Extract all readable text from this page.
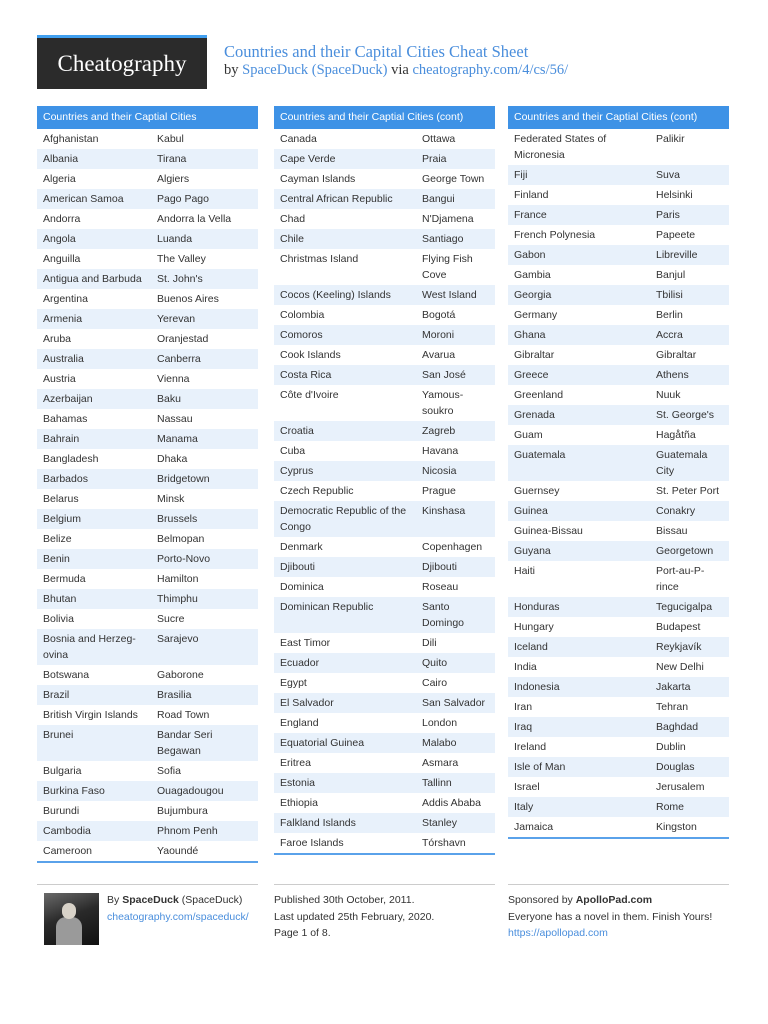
Cheatography	Countries and their Capital Cities Cheat Sheet
by SpaceDuck (SpaceDuck) via cheatography.com/4/cs/56/
Countries and their Captial Cities
Afghanistan	Kabul
Albania	Tirana
Algeria	Algiers
American Samoa	Pago Pago
Andorra	Andorra la Vella
Angola	Luanda
Anguilla	The Valley
Antigua and Barbuda	St. John's
Argentina	Buenos Aires
Armenia	Yerevan
Aruba	Oranjestad
Australia	Canberra
Austria	Vienna
Azerbaijan	Baku
Bahamas	Nassau
Bahrain	Manama
Bangladesh	Dhaka
Barbados	Bridgetown
Belarus	Minsk
Belgium	Brussels
Belize	Belmopan
Benin	Porto-Novo
Bermuda	Hamilton
Bhutan	Thimphu
Bolivia	Sucre
Bosnia and Herzeg-ovina	Sarajevo
Botswana	Gaborone
Brazil	Brasilia
British Virgin Islands	Road Town
Brunei	Bandar Seri Begawan
Bulgaria	Sofia
Burkina Faso	Ouagadougou
Burundi	Bujumbura
Cambodia	Phnom Penh
Cameroon	Yaoundé
Countries and their Captial Cities (cont)
Canada	Ottawa
Cape Verde	Praia
Cayman Islands	George Town
Central African Republic	Bangui
Chad	N'Djamena
Chile	Santiago
Christmas Island	Flying Fish Cove
Cocos (Keeling) Islands	West Island
Colombia	Bogotá
Comoros	Moroni
Cook Islands	Avarua
Costa Rica	San José
Côte d'Ivoire	Yamous-soukro
Croatia	Zagreb
Cuba	Havana
Cyprus	Nicosia
Czech Republic	Prague
Democratic Republic of the Congo	Kinshasa
Denmark	Copenhagen
Djibouti	Djibouti
Dominica	Roseau
Dominican Republic	Santo Domingo
East Timor	Dili
Ecuador	Quito
Egypt	Cairo
El Salvador	San Salvador
England	London
Equatorial Guinea	Malabo
Eritrea	Asmara
Estonia	Tallinn
Ethiopia	Addis Ababa
Falkland Islands	Stanley
Faroe Islands	Tórshavn
Countries and their Captial Cities (cont)
Federated States of Micronesia	Palikir
Fiji	Suva
Finland	Helsinki
France	Paris
French Polynesia	Papeete
Gabon	Libreville
Gambia	Banjul
Georgia	Tbilisi
Germany	Berlin
Ghana	Accra
Gibraltar	Gibraltar
Greece	Athens
Greenland	Nuuk
Grenada	St. George's
Guam	Hagåtña
Guatemala	Guatemala City
Guernsey	St. Peter Port
Guinea	Conakry
Guinea-Bissau	Bissau
Guyana	Georgetown
Haiti	Port-au-P-rince
Honduras	Tegucigalpa
Hungary	Budapest
Iceland	Reykjavík
India	New Delhi
Indonesia	Jakarta
Iran	Tehran
Iraq	Baghdad
Ireland	Dublin
Isle of Man	Douglas
Israel	Jerusalem
Italy	Rome
Jamaica	Kingston
By SpaceDuck (SpaceDuck)
cheatography.com/spaceduck/
Published 30th October, 2011.
Last updated 25th February, 2020.
Page 1 of 8.
Sponsored by ApolloPad.com
Everyone has a novel in them. Finish Yours!
https://apollopad.com
